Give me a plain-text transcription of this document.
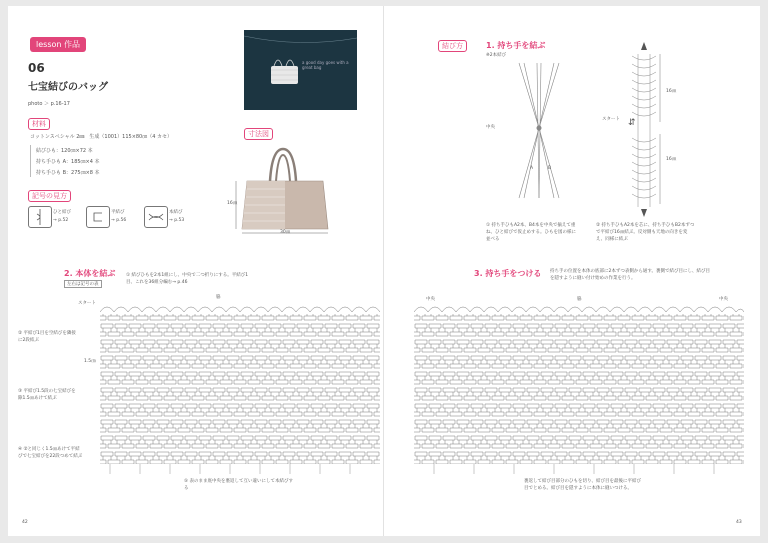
lesson 作品
06
七宝結びのバッグ
photo ＞ p.16-17
材料
コットンスペシャル 2㎜　生成（1001）115×80㎝（4 カセ）
結びひも：120㎝×72 本
持ち手ひも A：185㎝×4 本
持ち手ひも B：275㎝×8 本
記号の見方
ひと結び
→ p.52
平結び
→ p.56
本結び
→ p.53
a good day goes with a great bag
寸法図
16㎝
30㎝
2. 本体を結ぶ
左右は記号の表
スタート
脇
① 結びひもを2本1組にし、中央で二つ折りにする。平結び1目、これを36組分編む→ p.46
② 平結び1目を空結びを隣接に2段結ぶ
1.5㎝
③ 平結び1.5段の七宝結びを隙1.5㎝あけて結ぶ
④ ②と同じく1.5㎝あけて平結びで七宝結びを22段つめて結ぶ
⑤ 表のまま底中央を裏返して互い違いにして本結びする
42
結び方	1. 持ち手を結ぶ
※2本結び
中央
A	B
16㎝
16㎝
スタート ⇵
① 持ち手ひもA2本、B4本を中央で揃えて重ね、ひと結びで仮止めする。ひもを図の様に並べる
② 持ち手ひもA2本を芯に、持ち手ひもB2本ずつで平結び16㎝結ぶ。反対側も天地の向きを変え、同様に結ぶ
3. 持ち手をつける 持ち手の位置を本体の底部に2本ずつ表側から通す。裏側で結び目にし、結び目を隠すように縫い付け始めの作業を行う。
中央	脇	中央
裏返して結び目部分のひもを切り、結び目を最後に平結び目でとめる。結び目を隠すように本体に縫いつける。
43
